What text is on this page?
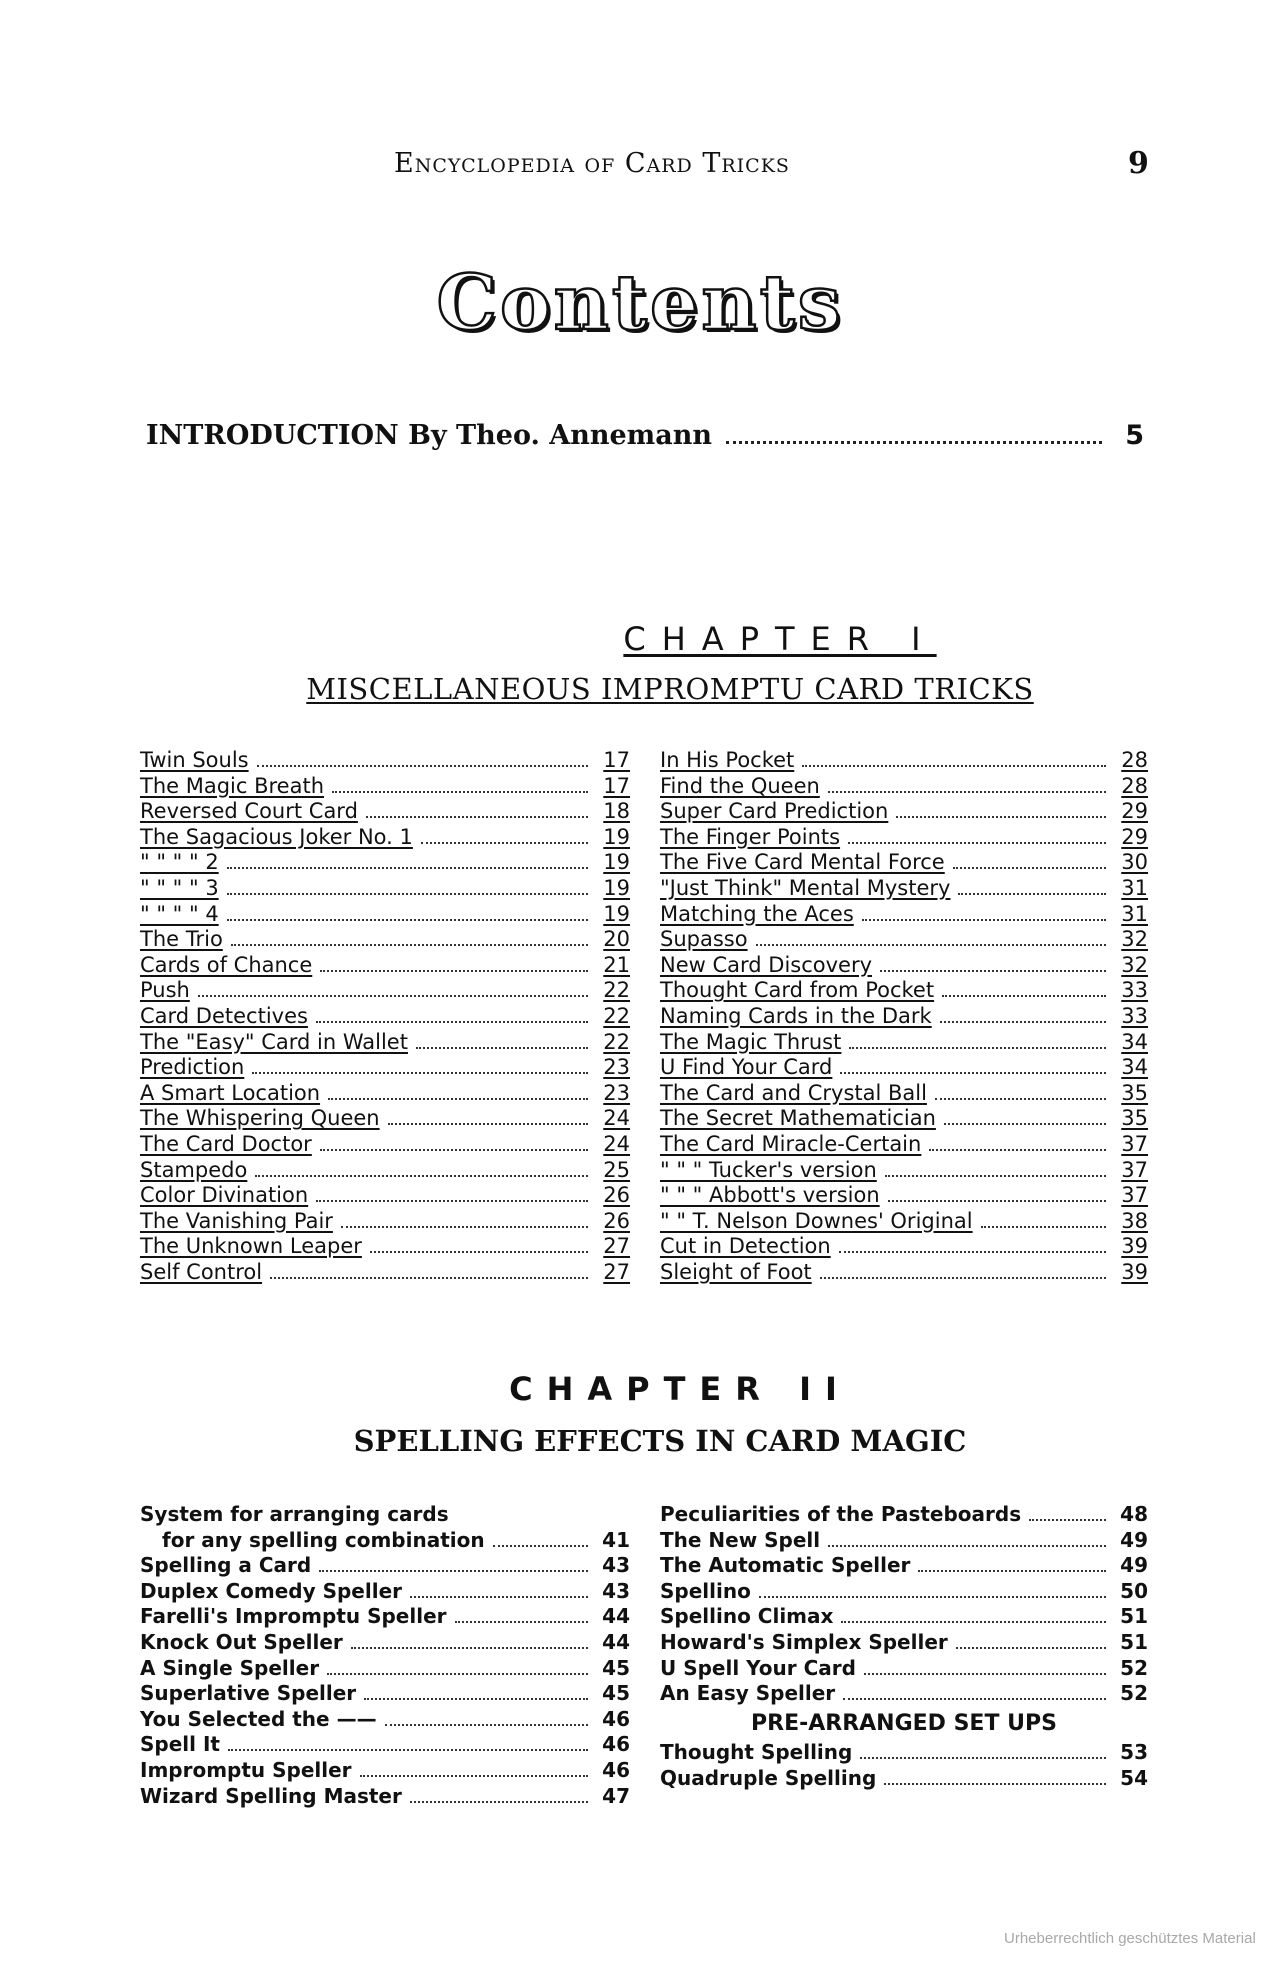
Encyclopedia of Card Tricks	9
Contents
INTRODUCTION By Theo. Annemann	5
CHAPTER I
MISCELLANEOUS IMPROMPTU CARD TRICKS
Twin Souls	17
The Magic Breath	17
Reversed Court Card	18
The Sagacious Joker No. 1	19
" " " " 2	19
" " " " 3	19
" " " " 4	19
The Trio	20
Cards of Chance	21
Push	22
Card Detectives	22
The "Easy" Card in Wallet	22
Prediction	23
A Smart Location	23
The Whispering Queen	24
The Card Doctor	24
Stampedo	25
Color Divination	26
The Vanishing Pair	26
The Unknown Leaper	27
Self Control	27
In His Pocket	28
Find the Queen	28
Super Card Prediction	29
The Finger Points	29
The Five Card Mental Force	30
"Just Think" Mental Mystery	31
Matching the Aces	31
Supasso	32
New Card Discovery	32
Thought Card from Pocket	33
Naming Cards in the Dark	33
The Magic Thrust	34
U Find Your Card	34
The Card and Crystal Ball	35
The Secret Mathematician	35
The Card Miracle-Certain	37
" " " Tucker's version	37
" " " Abbott's version	37
" " T. Nelson Downes' Original	38
Cut in Detection	39
Sleight of Foot	39
CHAPTER II
SPELLING EFFECTS IN CARD MAGIC
System for arranging cards
for any spelling combination	41
Spelling a Card	43
Duplex Comedy Speller	43
Farelli's Impromptu Speller	44
Knock Out Speller	44
A Single Speller	45
Superlative Speller	45
You Selected the ——	46
Spell It	46
Impromptu Speller	46
Wizard Spelling Master	47
Peculiarities of the Pasteboards	48
The New Spell	49
The Automatic Speller	49
Spellino	50
Spellino Climax	51
Howard's Simplex Speller	51
U Spell Your Card	52
An Easy Speller	52
PRE-ARRANGED SET UPS
Thought Spelling	53
Quadruple Spelling	54
Urheberrechtlich geschütztes Material
